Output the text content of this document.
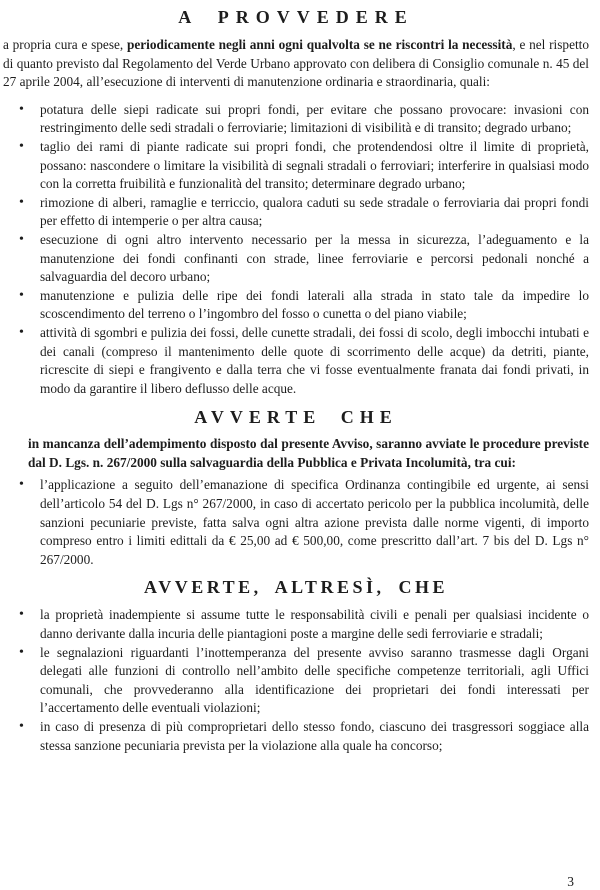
A PROVVEDERE

a propria cura e spese, periodicamente negli anni ogni qualvolta se ne riscontri la necessità, e nel rispetto di quanto previsto dal Regolamento del Verde Urbano approvato con delibera di Consiglio comunale n. 45 del 27 aprile 2004, all’esecuzione di interventi di manutenzione ordinaria e straordinaria, quali:

• potatura delle siepi radicate sui propri fondi, per evitare che possano provocare: invasioni con restringimento delle sedi stradali o ferroviarie; limitazioni di visibilità e di transito; degrado urbano;
• taglio dei rami di piante radicate sui propri fondi, che protendendosi oltre il limite di proprietà, possano: nascondere o limitare la visibilità di segnali stradali o ferroviari; interferire in qualsiasi modo con la corretta fruibilità e funzionalità del transito; determinare degrado urbano;
• rimozione di alberi, ramaglie e terriccio, qualora caduti su sede stradale o ferroviaria dai propri fondi per effetto di intemperie o per altra causa;
• esecuzione di ogni altro intervento necessario per la messa in sicurezza, l’adeguamento e la manutenzione dei fondi confinanti con strade, linee ferroviarie e percorsi pedonali nonché a salvaguardia del decoro urbano;
• manutenzione e pulizia delle ripe dei fondi laterali alla strada in stato tale da impedire lo scoscendimento del terreno o l’ingombro del fosso o cunetta o del piano viabile;
• attività di sgombri e pulizia dei fossi, delle cunette stradali, dei fossi di scolo, degli imbocchi intubati e dei canali (compreso il mantenimento delle quote di scorrimento delle acque) da detriti, piante, ricrescite di siepi e frangivento e dalla terra che vi fosse eventualmente franata dai fondi privati, in modo da garantire il libero deflusso delle acque.
AVVERTE CHE

in mancanza dell’adempimento disposto dal presente Avviso, saranno avviate le procedure previste dal D. Lgs. n. 267/2000 sulla salvaguardia della Pubblica e Privata Incolumità, tra cui:

• l’applicazione a seguito dell’emanazione di specifica Ordinanza contingibile ed urgente, ai sensi dell’articolo 54 del D. Lgs n° 267/2000, in caso di accertato pericolo per la pubblica incolumità, delle sanzioni pecuniarie previste, fatta salva ogni altra azione prevista dalle norme vigenti, di importo compreso entro i limiti edittali da € 25,00 ad € 500,00, come prescritto dall’art. 7 bis del D. Lgs n° 267/2000.
AVVERTE, ALTRESÌ, CHE
• la proprietà inadempiente si assume tutte le responsabilità civili e penali per qualsiasi incidente o danno derivante dalla incuria delle piantagioni poste a margine delle sedi ferroviarie e stradali;
• le segnalazioni riguardanti l’inottemperanza del presente avviso saranno trasmesse dagli Organi delegati alle funzioni di controllo nell’ambito delle specifiche competenze territoriali, agli Uffici comunali, che provvederanno alla identificazione dei proprietari dei fondi interessati per l’accertamento delle eventuali violazioni;
• in caso di presenza di più comproprietari dello stesso fondo, ciascuno dei trasgressori soggiace alla stessa sanzione pecuniaria prevista per la violazione alla quale ha concorso;
3
